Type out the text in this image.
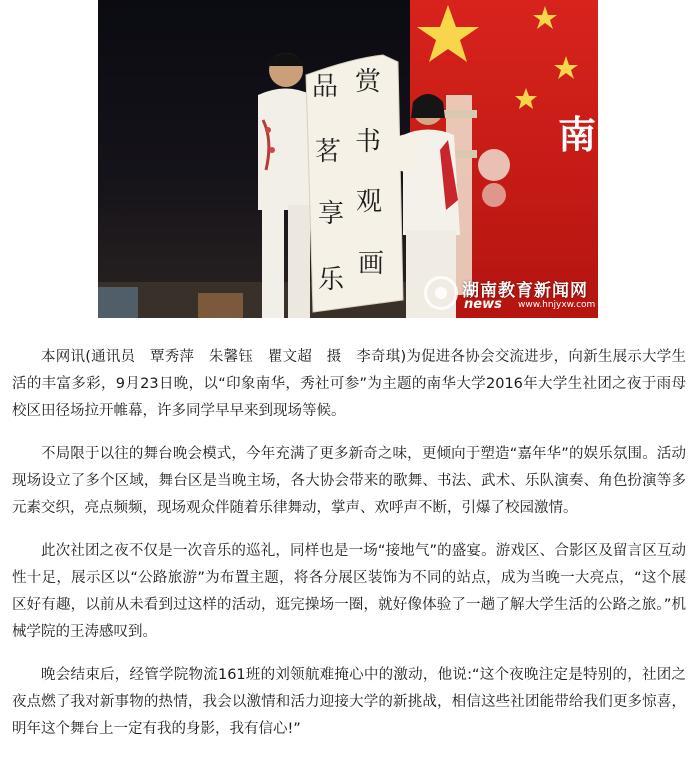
南
赏
书
观
画
品
茗
享
乐	湖南教育新闻网
news www.hnjyxw.com

本网讯(通讯员　覃秀萍　朱馨钰　瞿文超　摄　李奇琪)为促进各协会交流进步，向新生展示大学生活的丰富多彩，9月23日晚，以“印象南华，秀社可参”为主题的南华大学2016年大学生社团之夜于雨母校区田径场拉开帷幕，许多同学早早来到现场等候。

不局限于以往的舞台晚会模式，今年充满了更多新奇之味，更倾向于塑造“嘉年华”的娱乐氛围。活动现场设立了多个区域，舞台区是当晚主场，各大协会带来的歌舞、书法、武术、乐队演奏、角色扮演等多元素交织，亮点频频，现场观众伴随着乐律舞动，掌声、欢呼声不断，引爆了校园激情。

此次社团之夜不仅是一次音乐的巡礼，同样也是一场“接地气”的盛宴。游戏区、合影区及留言区互动性十足，展示区以“公路旅游”为布置主题，将各分展区装饰为不同的站点，成为当晚一大亮点，“这个展区好有趣，以前从未看到过这样的活动，逛完操场一圈，就好像体验了一趟了解大学生活的公路之旅。”机械学院的王涛感叹到。

晚会结束后，经管学院物流161班的刘领航难掩心中的激动，他说:“这个夜晚注定是特别的，社团之夜点燃了我对新事物的热情，我会以激情和活力迎接大学的新挑战，相信这些社团能带给我们更多惊喜，明年这个舞台上一定有我的身影，我有信心!”
